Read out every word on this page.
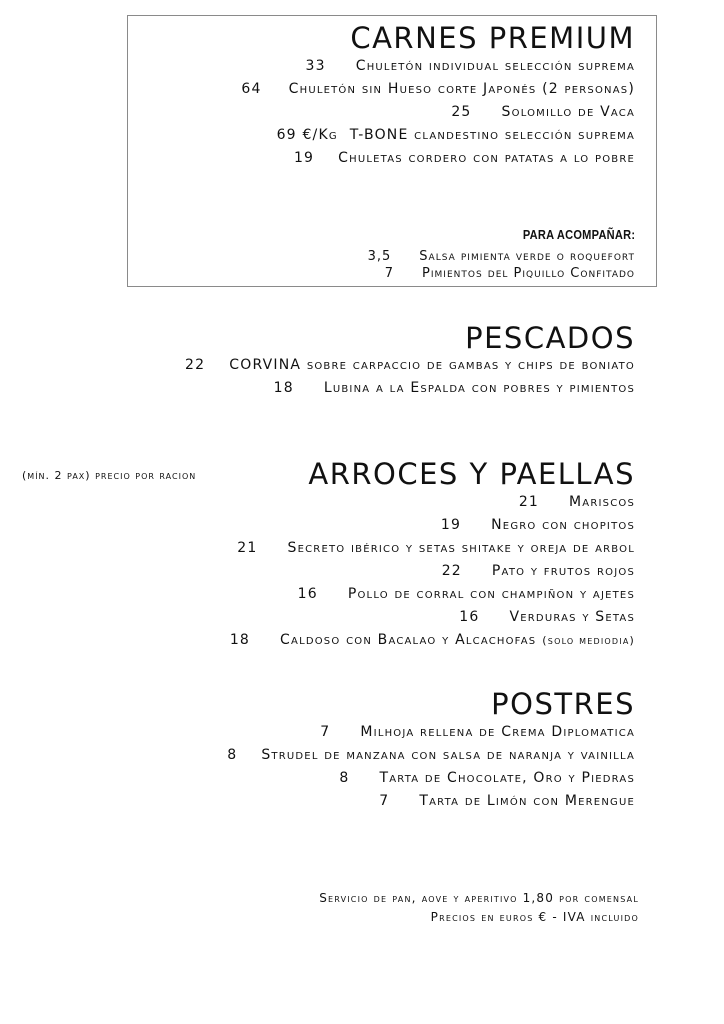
CARNES PREMIUM
33 Chuletón individual selección suprema
64 Chuletón sin Hueso corte Japonés (2 personas)
25 Solomillo de Vaca
69 €/Kg T-BONE clandestino selección suprema
19 Chuletas cordero con patatas a lo pobre
PARA ACOMPAÑAR:
3,5 Salsa pimienta verde o roquefort
7 Pimientos del Piquillo Confitado
PESCADOS
22 CORVINA sobre carpaccio de gambas y chips de boniato
18 Lubina a la Espalda con pobres y pimientos
(mín. 2 pax) precio por racion	ARROCES Y PAELLAS
21 Mariscos
19 Negro con chopitos
21 Secreto ibérico y setas shitake y oreja de arbol
22 Pato y frutos rojos
16 Pollo de corral con champiñon y ajetes
16 Verduras y Setas
18 Caldoso con Bacalao y Alcachofas (solo mediodia)
POSTRES
7 Milhoja rellena de Crema Diplomatica
8 Strudel de manzana con salsa de naranja y vainilla
8 Tarta de Chocolate, Oro y Piedras
7 Tarta de Limón con Merengue
Servicio de pan, aove y aperitivo 1,80 por comensal
Precios en euros € - IVA incluido
